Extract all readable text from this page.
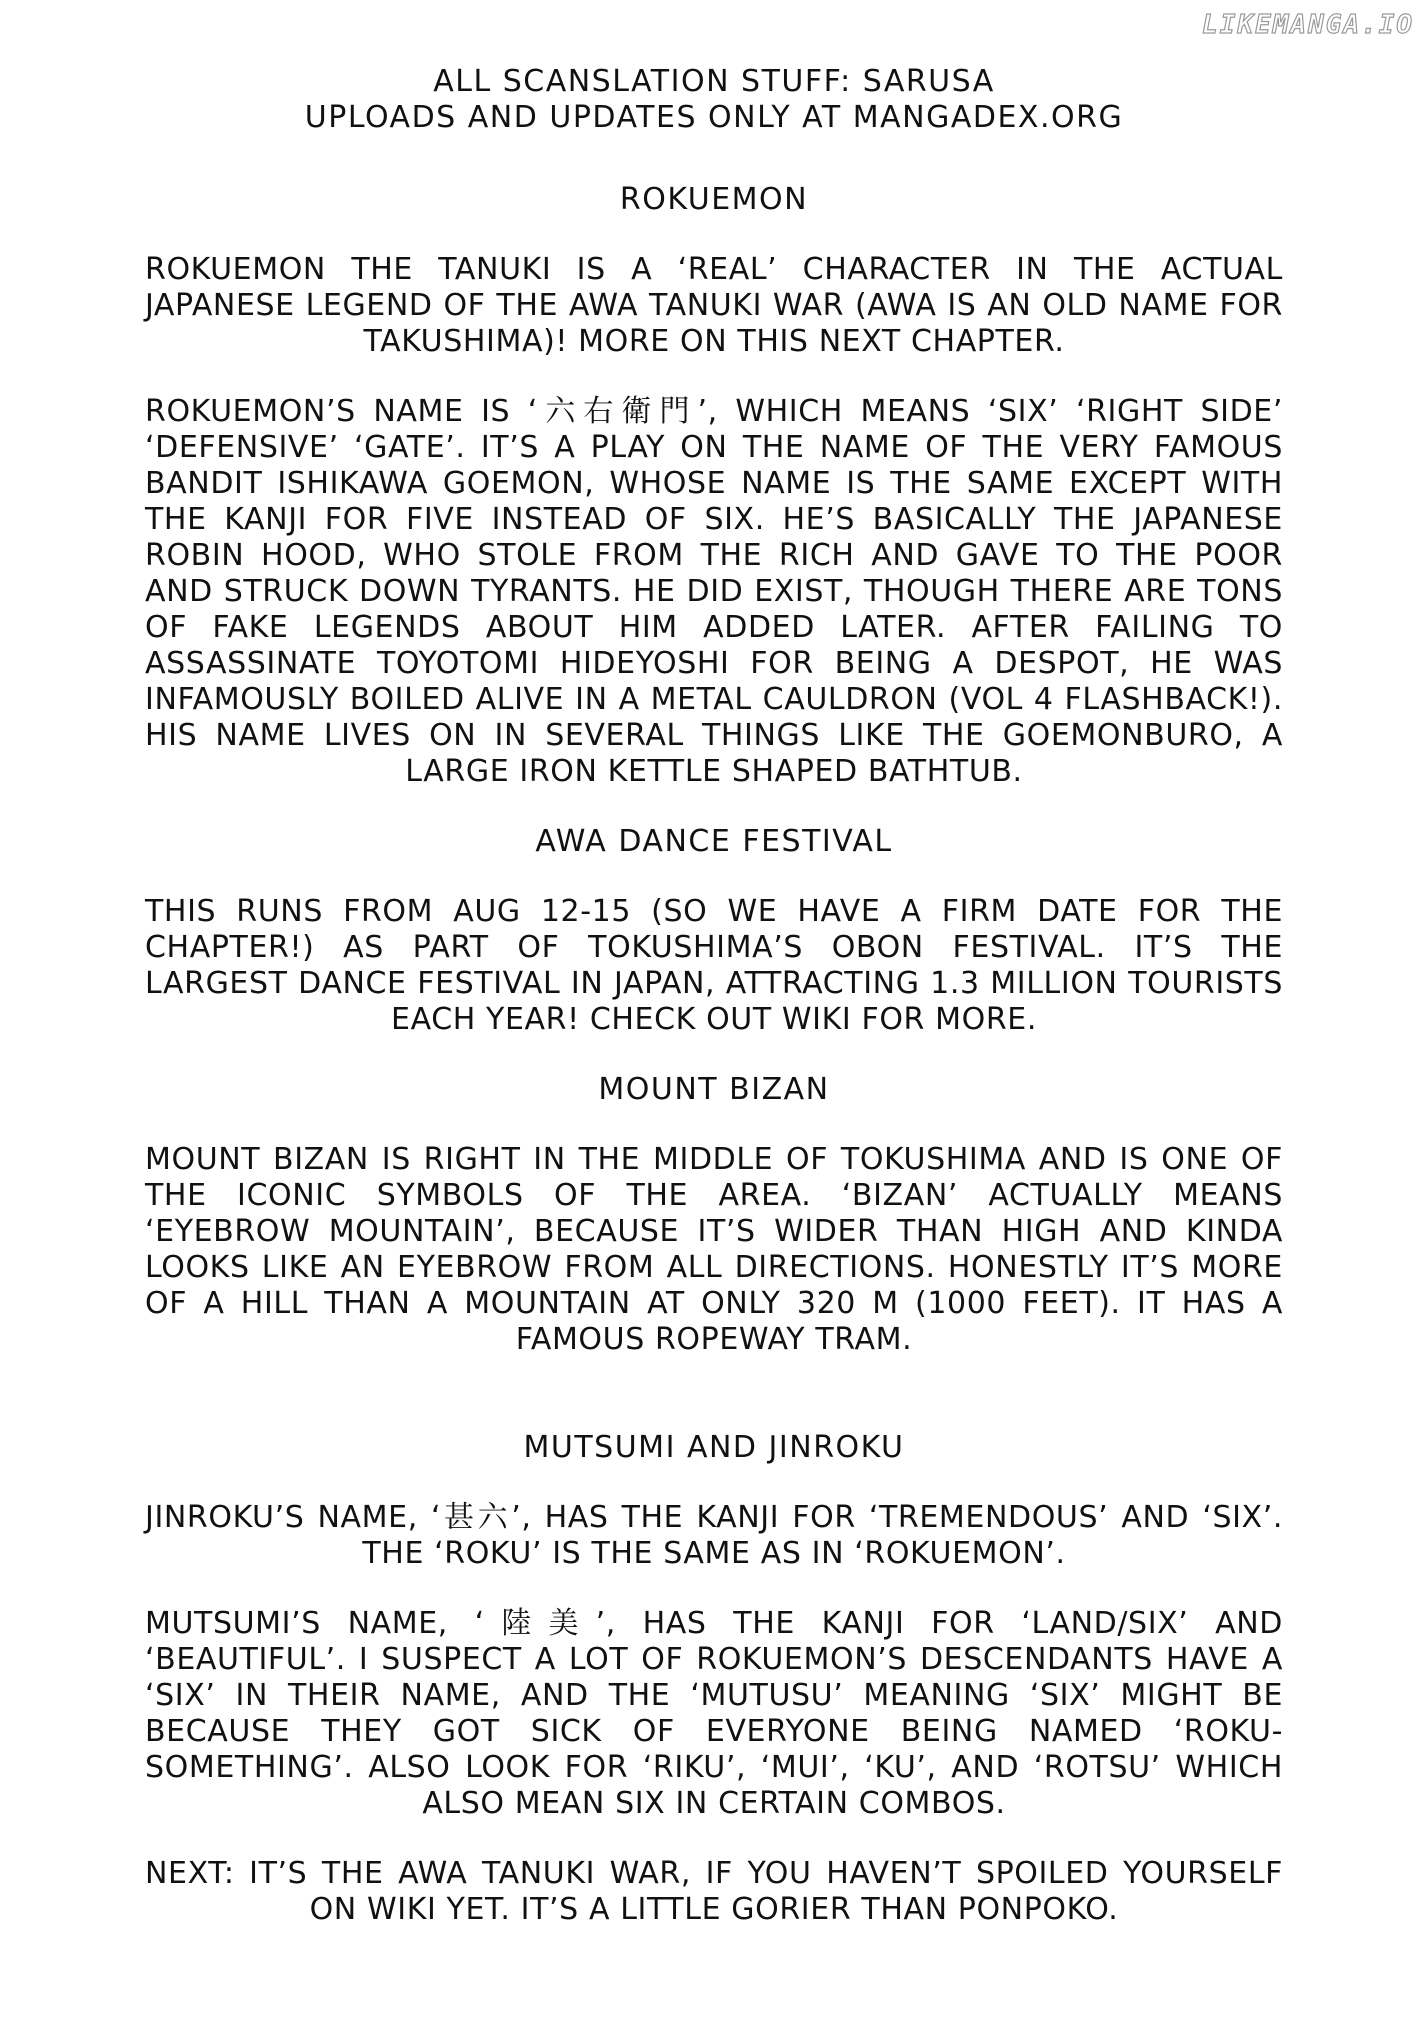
LIKEMANGA.IO
ALL SCANSLATION STUFF: SARUSA
UPLOADS AND UPDATES ONLY AT MANGADEX.ORG
ROKUEMON

ROKUEMON THE TANUKI IS A ‘REAL’ CHARACTER IN THE ACTUAL JAPANESE LEGEND OF THE AWA TANUKI WAR (AWA IS AN OLD NAME FOR TAKUSHIMA)! MORE ON THIS NEXT CHAPTER.

ROKUEMON’S NAME IS ‘六右衛門’, WHICH MEANS ‘SIX’ ‘RIGHT SIDE’ ‘DEFENSIVE’ ‘GATE’. IT’S A PLAY ON THE NAME OF THE VERY FAMOUS BANDIT ISHIKAWA GOEMON, WHOSE NAME IS THE SAME EXCEPT WITH THE KANJI FOR FIVE INSTEAD OF SIX. HE’S BASICALLY THE JAPANESE ROBIN HOOD, WHO STOLE FROM THE RICH AND GAVE TO THE POOR AND STRUCK DOWN TYRANTS. HE DID EXIST, THOUGH THERE ARE TONS OF FAKE LEGENDS ABOUT HIM ADDED LATER. AFTER FAILING TO ASSASSINATE TOYOTOMI HIDEYOSHI FOR BEING A DESPOT, HE WAS INFAMOUSLY BOILED ALIVE IN A METAL CAULDRON (VOL 4 FLASHBACK!). HIS NAME LIVES ON IN SEVERAL THINGS LIKE THE GOEMONBURO, A LARGE IRON KETTLE SHAPED BATHTUB.

AWA DANCE FESTIVAL

THIS RUNS FROM AUG 12-15 (SO WE HAVE A FIRM DATE FOR THE CHAPTER!) AS PART OF TOKUSHIMA’S OBON FESTIVAL. IT’S THE LARGEST DANCE FESTIVAL IN JAPAN, ATTRACTING 1.3 MILLION TOURISTS EACH YEAR! CHECK OUT WIKI FOR MORE.

MOUNT BIZAN

MOUNT BIZAN IS RIGHT IN THE MIDDLE OF TOKUSHIMA AND IS ONE OF THE ICONIC SYMBOLS OF THE AREA. ‘BIZAN’ ACTUALLY MEANS ‘EYEBROW MOUNTAIN’, BECAUSE IT’S WIDER THAN HIGH AND KINDA LOOKS LIKE AN EYEBROW FROM ALL DIRECTIONS. HONESTLY IT’S MORE OF A HILL THAN A MOUNTAIN AT ONLY 320 M (1000 FEET). IT HAS A FAMOUS ROPEWAY TRAM.

MUTSUMI AND JINROKU

JINROKU’S NAME, ‘甚六’, HAS THE KANJI FOR ‘TREMENDOUS’ AND ‘SIX’. THE ‘ROKU’ IS THE SAME AS IN ‘ROKUEMON’.

MUTSUMI’S NAME, ‘陸美’, HAS THE KANJI FOR ‘LAND/SIX’ AND ‘BEAUTIFUL’. I SUSPECT A LOT OF ROKUEMON’S DESCENDANTS HAVE A ‘SIX’ IN THEIR NAME, AND THE ‘MUTUSU’ MEANING ‘SIX’ MIGHT BE BECAUSE THEY GOT SICK OF EVERYONE BEING NAMED ‘ROKU-SOMETHING’. ALSO LOOK FOR ‘RIKU’, ‘MUI’, ‘KU’, AND ‘ROTSU’ WHICH ALSO MEAN SIX IN CERTAIN COMBOS.

NEXT: IT’S THE AWA TANUKI WAR, IF YOU HAVEN’T SPOILED YOURSELF ON WIKI YET. IT’S A LITTLE GORIER THAN PONPOKO.
